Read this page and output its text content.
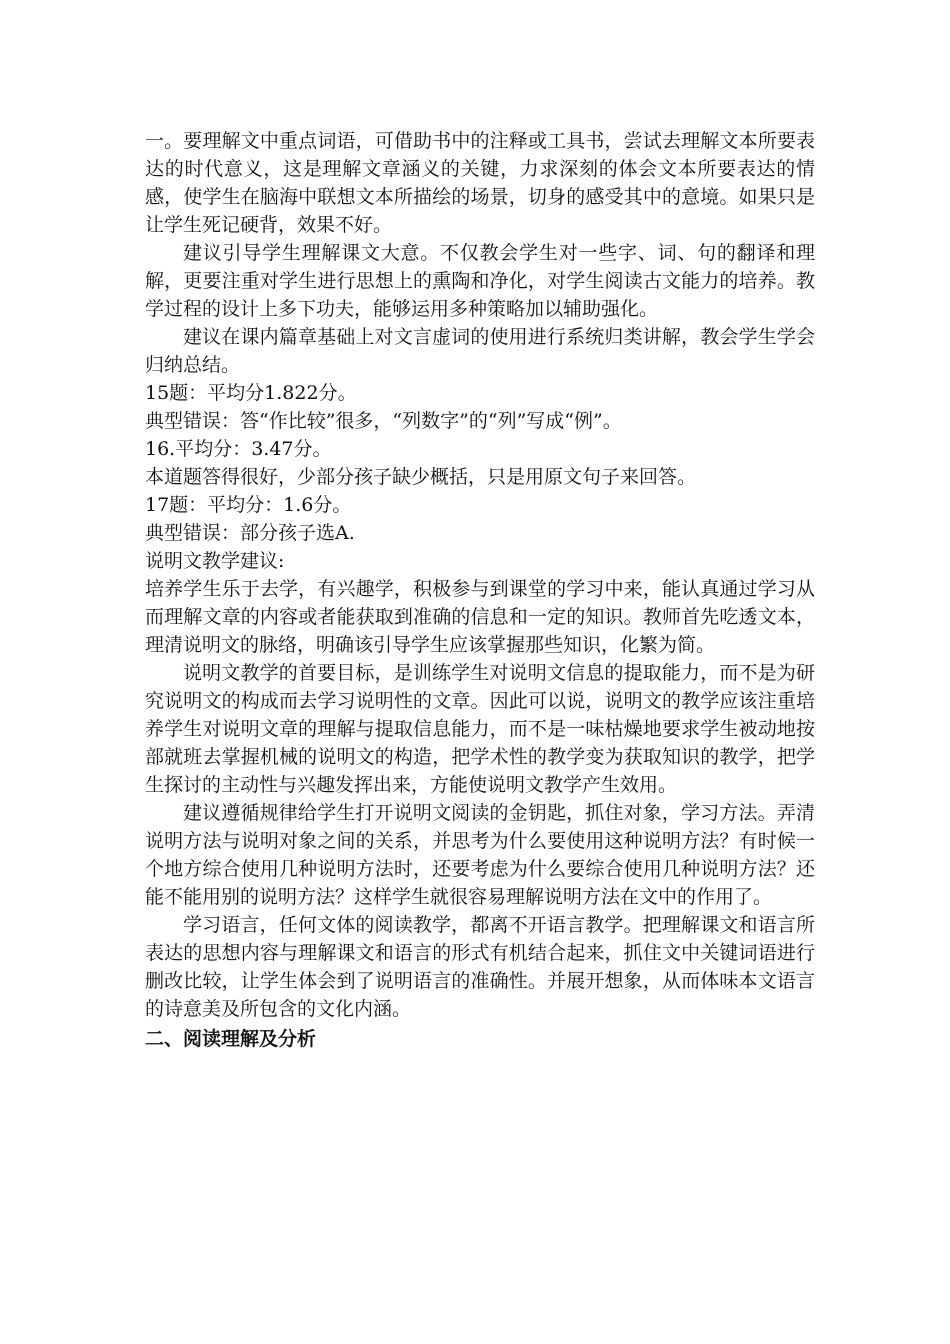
一。要理解文中重点词语，可借助书中的注释或工具书，尝试去理解文本所要表达的时代意义，这是理解文章涵义的关键，力求深刻的体会文本所要表达的情感，使学生在脑海中联想文本所描绘的场景，切身的感受其中的意境。如果只是让学生死记硬背，效果不好。

建议引导学生理解课文大意。不仅教会学生对一些字、词、句的翻译和理解，更要注重对学生进行思想上的熏陶和净化，对学生阅读古文能力的培养。教学过程的设计上多下功夫，能够运用多种策略加以辅助强化。

建议在课内篇章基础上对文言虚词的使用进行系统归类讲解，教会学生学会归纳总结。

15题：平均分1.822分。

典型错误：答“作比较”很多，“列数字”的“列”写成“例”。

16.平均分：3.47分。

本道题答得很好，少部分孩子缺少概括，只是用原文句子来回答。

17题：平均分：1.6分。

典型错误：部分孩子选A.

说明文教学建议:

培养学生乐于去学，有兴趣学，积极参与到课堂的学习中来，能认真通过学习从而理解文章的内容或者能获取到准确的信息和一定的知识。教师首先吃透文本，理清说明文的脉络，明确该引导学生应该掌握那些知识，化繁为简。

说明文教学的首要目标，是训练学生对说明文信息的提取能力，而不是为研究说明文的构成而去学习说明性的文章。因此可以说，说明文的教学应该注重培养学生对说明文章的理解与提取信息能力，而不是一味枯燥地要求学生被动地按部就班去掌握机械的说明文的构造，把学术性的教学变为获取知识的教学，把学生探讨的主动性与兴趣发挥出来，方能使说明文教学产生效用。

建议遵循规律给学生打开说明文阅读的金钥匙，抓住对象，学习方法。弄清说明方法与说明对象之间的关系，并思考为什么要使用这种说明方法？有时候一个地方综合使用几种说明方法时，还要考虑为什么要综合使用几种说明方法？还能不能用别的说明方法？这样学生就很容易理解说明方法在文中的作用了。

学习语言，任何文体的阅读教学，都离不开语言教学。把理解课文和语言所表达的思想内容与理解课文和语言的形式有机结合起来，抓住文中关键词语进行删改比较，让学生体会到了说明语言的准确性。并展开想象，从而体味本文语言的诗意美及所包含的文化内涵。

二、阅读理解及分析
